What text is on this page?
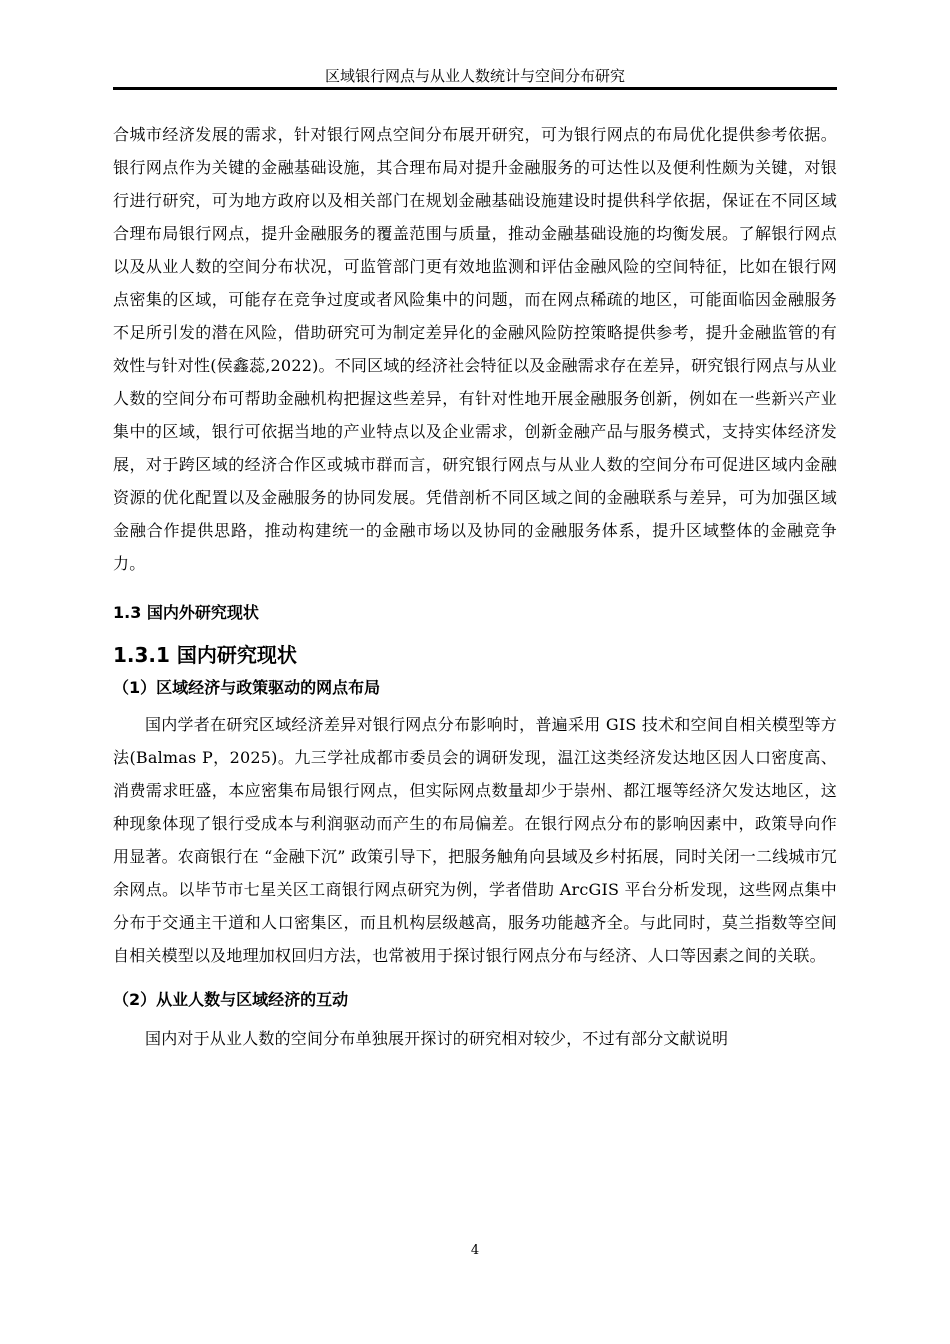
区域银行网点与从业人数统计与空间分布研究

合城市经济发展的需求，针对银行网点空间分布展开研究，可为银行网点的布局优化提供参考依据。银行网点作为关键的金融基础设施，其合理布局对提升金融服务的可达性以及便利性颇为关键，对银行进行研究，可为地方政府以及相关部门在规划金融基础设施建设时提供科学依据，保证在不同区域合理布局银行网点，提升金融服务的覆盖范围与质量，推动金融基础设施的均衡发展。了解银行网点以及从业人数的空间分布状况，可监管部门更有效地监测和评估金融风险的空间特征，比如在银行网点密集的区域，可能存在竞争过度或者风险集中的问题，而在网点稀疏的地区，可能面临因金融服务不足所引发的潜在风险，借助研究可为制定差异化的金融风险防控策略提供参考，提升金融监管的有效性与针对性(侯鑫蕊,2022)。不同区域的经济社会特征以及金融需求存在差异，研究银行网点与从业人数的空间分布可帮助金融机构把握这些差异，有针对性地开展金融服务创新，例如在一些新兴产业集中的区域，银行可依据当地的产业特点以及企业需求，创新金融产品与服务模式，支持实体经济发展，对于跨区域的经济合作区或城市群而言，研究银行网点与从业人数的空间分布可促进区域内金融资源的优化配置以及金融服务的协同发展。凭借剖析不同区域之间的金融联系与差异，可为加强区域金融合作提供思路，推动构建统一的金融市场以及协同的金融服务体系，提升区域整体的金融竞争力。

1.3 国内外研究现状
1.3.1 国内研究现状
（1）区域经济与政策驱动的网点布局

国内学者在研究区域经济差异对银行网点分布影响时，普遍采用 GIS 技术和空间自相关模型等方法(Balmas P，2025)。九三学社成都市委员会的调研发现，温江这类经济发达地区因人口密度高、消费需求旺盛，本应密集布局银行网点，但实际网点数量却少于崇州、都江堰等经济欠发达地区，这种现象体现了银行受成本与利润驱动而产生的布局偏差。在银行网点分布的影响因素中，政策导向作用显著。农商银行在 “金融下沉” 政策引导下，把服务触角向县域及乡村拓展，同时关闭一二线城市冗余网点。以毕节市七星关区工商银行网点研究为例，学者借助 ArcGIS 平台分析发现，这些网点集中分布于交通主干道和人口密集区，而且机构层级越高，服务功能越齐全。与此同时，莫兰指数等空间自相关模型以及地理加权回归方法，也常被用于探讨银行网点分布与经济、人口等因素之间的关联。

（2）从业人数与区域经济的互动

国内对于从业人数的空间分布单独展开探讨的研究相对较少，不过有部分文献说明

4
